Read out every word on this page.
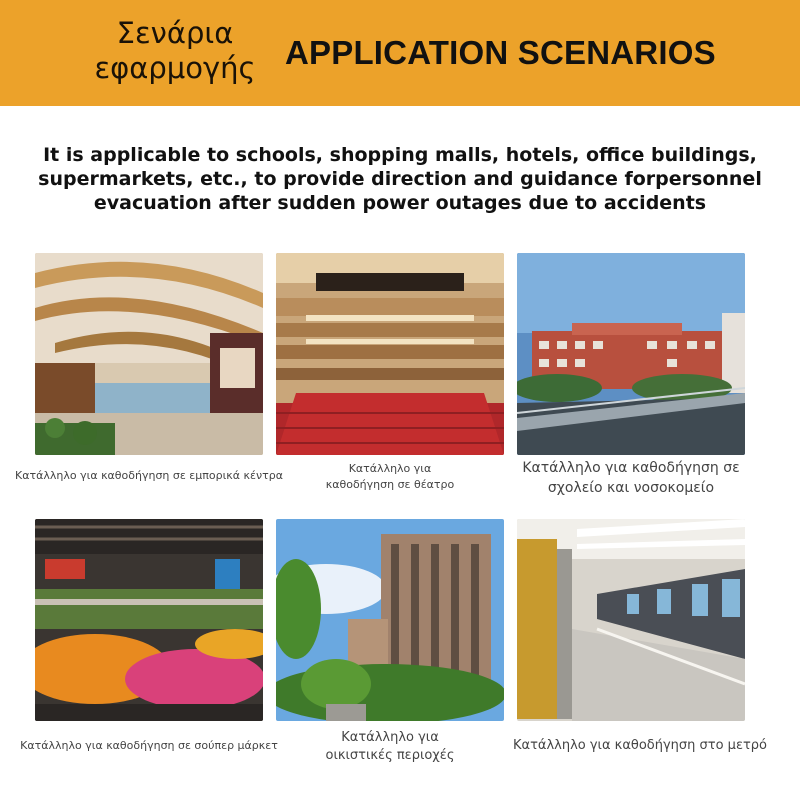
Σενάρια
εφαρμογής APPLICATION SCENARIOS
It is applicable to schools, shopping malls, hotels, office buildings,
supermarkets, etc., to provide direction and guidance forpersonnel
evacuation after sudden power outages due to accidents
Κατάλληλο για καθοδήγηση σε εμπορικά κέντρα
Κατάλληλο για
καθοδήγηση σε θέατρο
Κατάλληλο για καθοδήγηση σε
σχολείο και νοσοκομείο
Κατάλληλο για καθοδήγηση σε σούπερ μάρκετ
Κατάλληλο για
οικιστικές περιοχές
Κατάλληλο για καθοδήγηση στο μετρό
